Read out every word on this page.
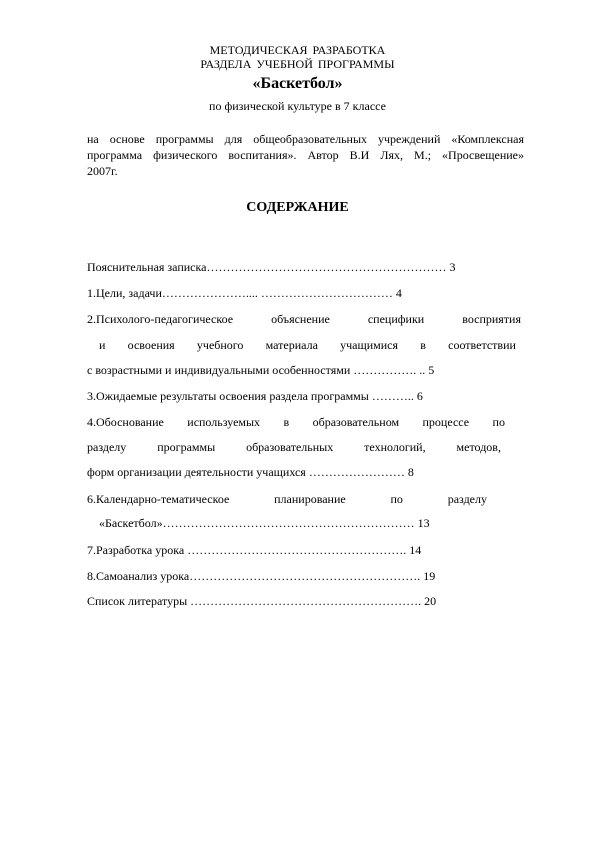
МЕТОДИЧЕСКАЯ РАЗРАБОТКА
РАЗДЕЛА УЧЕБНОЙ ПРОГРАММЫ
«Баскетбол»
по физической культуре в 7 классе
на основе программы для общеобразовательных учреждений «Комплексная
программа физического воспитания». Автор В.И Лях, М.; «Просвещение»
2007г.
СОДЕРЖАНИЕ
Пояснительная записка…………………………………………………… 3
1.Цели, задачи………………….... …………………………… 4
2.Психолого-педагогическое	объяснение	специфики	восприятия
и освоения учебного материала учащимися в соответствии
с возрастными и индивидуальными особенностями ……………. .. 5
3.Ожидаемые результаты освоения раздела программы ……….. 6
4.Обоснование используемых в образовательном процессе по
разделу	программы	образовательных	технологий,	методов,
форм организации деятельности учащихся …………………… 8
6.Календарно-тематическое	планирование	по	разделу
«Баскетбол»……………………………………………………… 13
7.Разработка урока ………………………………………………. 14
8.Самоанализ урока…………………………………………………. 19
Список литературы …………………………………………………. 20
